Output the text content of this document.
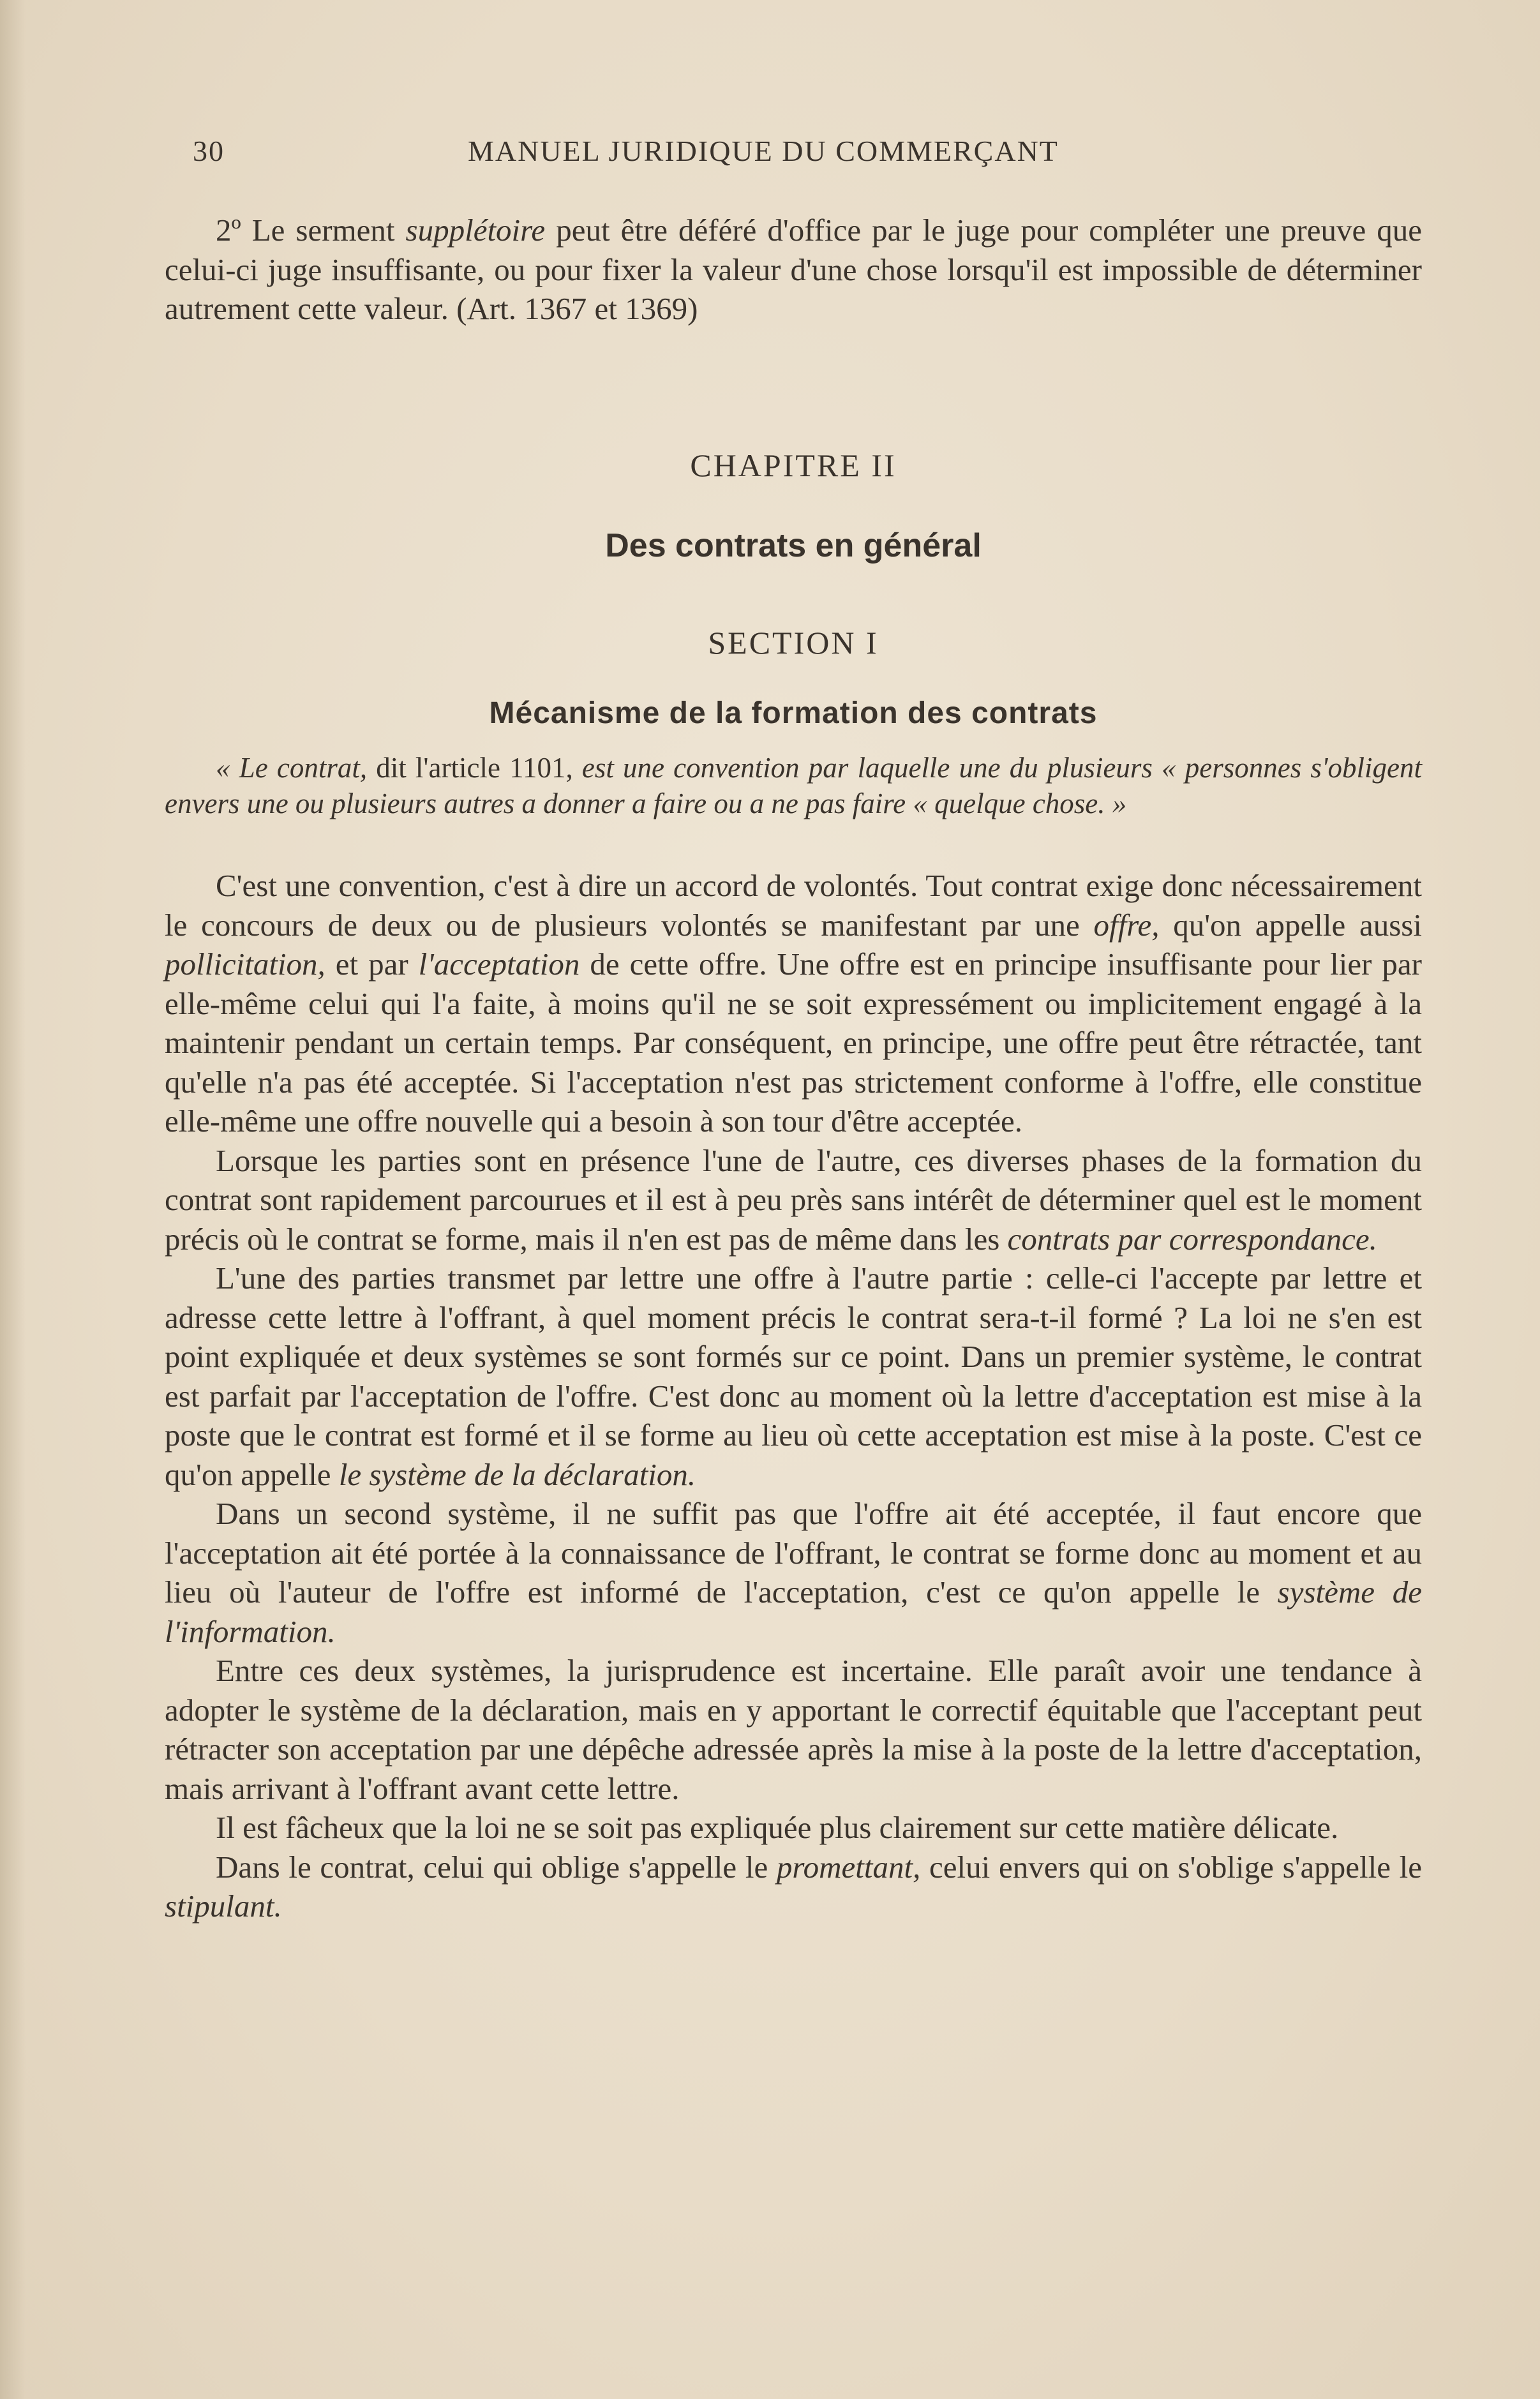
30	MANUEL JURIDIQUE DU COMMERÇANT

2º Le serment supplétoire peut être déféré d'office par le juge pour compléter une preuve que celui-ci juge insuffisante, ou pour fixer la valeur d'une chose lorsqu'il est impossible de déterminer autrement cette valeur. (Art. 1367 et 1369)

CHAPITRE II
Des contrats en général
SECTION I
Mécanisme de la formation des contrats

« Le contrat, dit l'article 1101, est une convention par laquelle une du plusieurs « personnes s'obligent envers une ou plusieurs autres a donner a faire ou a ne pas faire « quelque chose. »

C'est une convention, c'est à dire un accord de volontés. Tout contrat exige donc nécessairement le concours de deux ou de plusieurs volontés se manifestant par une offre, qu'on appelle aussi pollicitation, et par l'acceptation de cette offre. Une offre est en principe insuffisante pour lier par elle-même celui qui l'a faite, à moins qu'il ne se soit expressément ou implicitement engagé à la maintenir pendant un certain temps. Par conséquent, en principe, une offre peut être rétractée, tant qu'elle n'a pas été acceptée. Si l'acceptation n'est pas strictement conforme à l'offre, elle constitue elle-même une offre nouvelle qui a besoin à son tour d'être acceptée.

Lorsque les parties sont en présence l'une de l'autre, ces diverses phases de la formation du contrat sont rapidement parcourues et il est à peu près sans intérêt de déterminer quel est le moment précis où le contrat se forme, mais il n'en est pas de même dans les contrats par correspondance.

L'une des parties transmet par lettre une offre à l'autre partie : celle-ci l'accepte par lettre et adresse cette lettre à l'offrant, à quel moment précis le contrat sera-t-il formé ? La loi ne s'en est point expliquée et deux systèmes se sont formés sur ce point. Dans un premier système, le contrat est parfait par l'acceptation de l'offre. C'est donc au moment où la lettre d'acceptation est mise à la poste que le contrat est formé et il se forme au lieu où cette acceptation est mise à la poste. C'est ce qu'on appelle le système de la déclaration.

Dans un second système, il ne suffit pas que l'offre ait été acceptée, il faut encore que l'acceptation ait été portée à la connaissance de l'offrant, le contrat se forme donc au moment et au lieu où l'auteur de l'offre est informé de l'acceptation, c'est ce qu'on appelle le système de l'information.

Entre ces deux systèmes, la jurisprudence est incertaine. Elle paraît avoir une tendance à adopter le système de la déclaration, mais en y apportant le correctif équitable que l'acceptant peut rétracter son acceptation par une dépêche adressée après la mise à la poste de la lettre d'acceptation, mais arrivant à l'offrant avant cette lettre.

Il est fâcheux que la loi ne se soit pas expliquée plus clairement sur cette matière délicate.

Dans le contrat, celui qui oblige s'appelle le promettant, celui envers qui on s'oblige s'appelle le stipulant.
